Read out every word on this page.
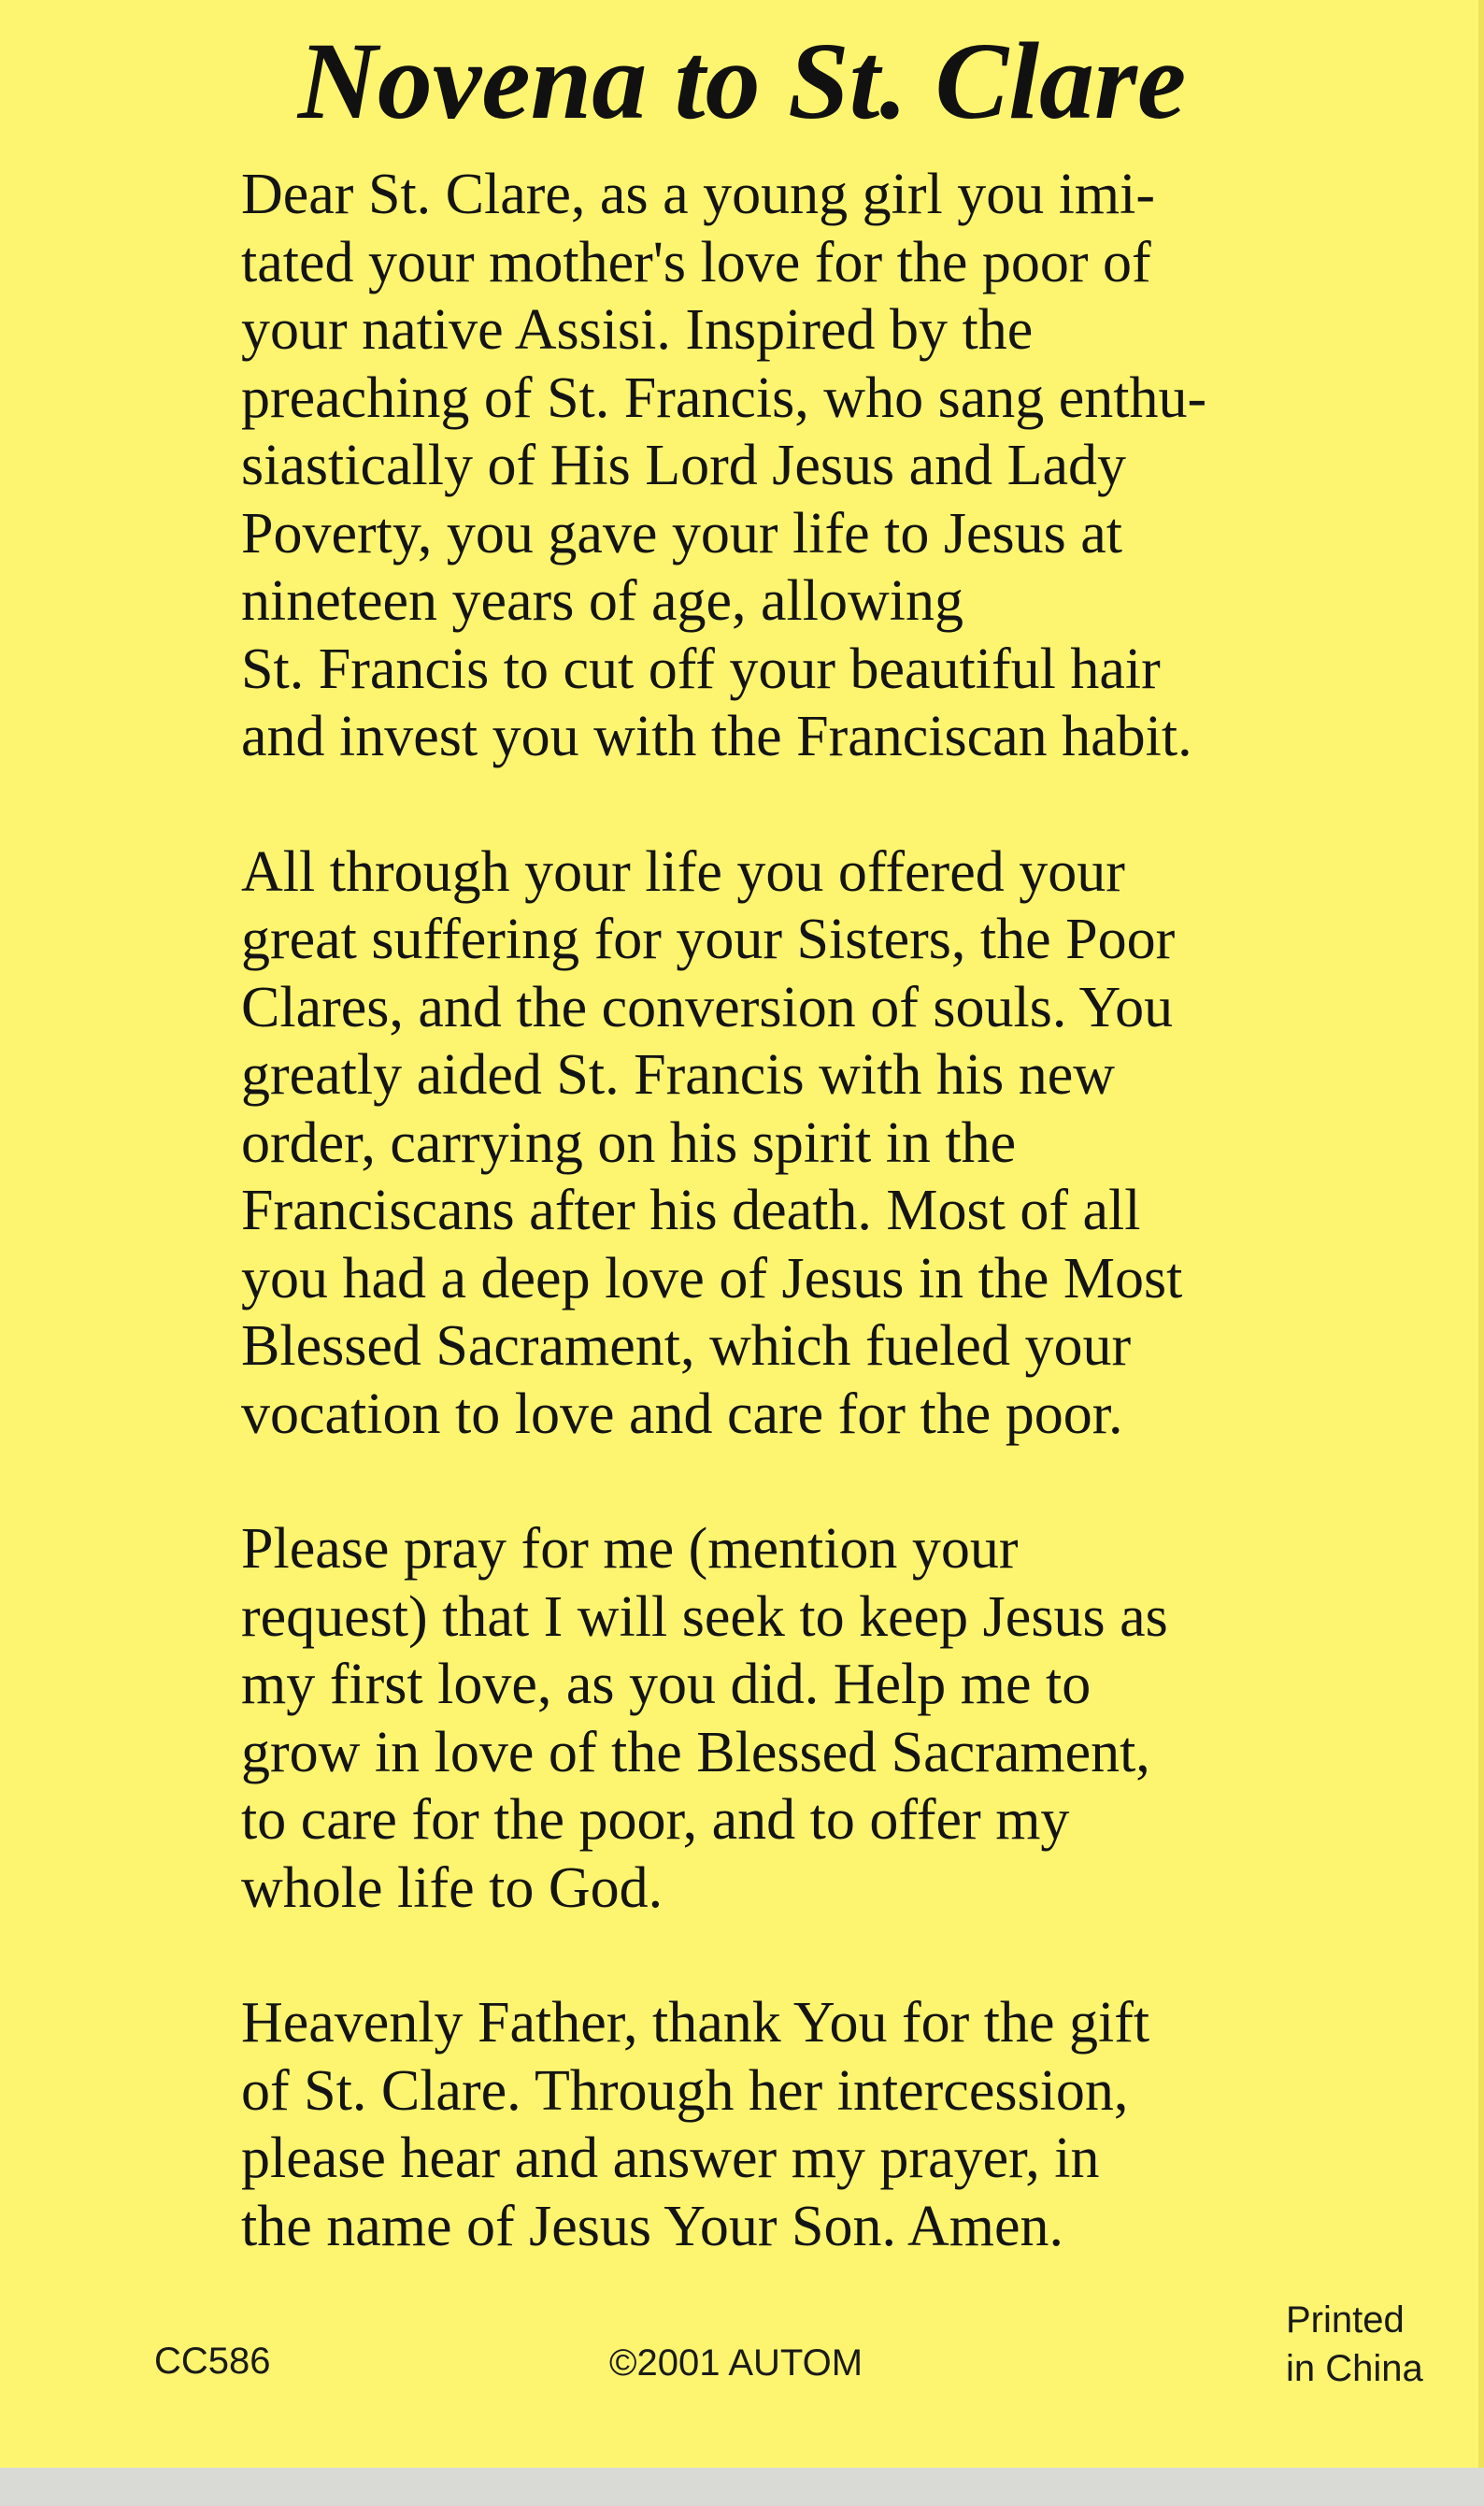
Novena to St. Clare

Dear St. Clare, as a young girl you imi-
tated your mother's love for the poor of
your native Assisi. Inspired by the
preaching of St. Francis, who sang enthu-
siastically of His Lord Jesus and Lady
Poverty, you gave your life to Jesus at
nineteen years of age, allowing
St. Francis to cut off your beautiful hair
and invest you with the Franciscan habit.

All through your life you offered your
great suffering for your Sisters, the Poor
Clares, and the conversion of souls. You
greatly aided St. Francis with his new
order, carrying on his spirit in the
Franciscans after his death. Most of all
you had a deep love of Jesus in the Most
Blessed Sacrament, which fueled your
vocation to love and care for the poor.

Please pray for me (mention your
request) that I will seek to keep Jesus as
my first love, as you did. Help me to
grow in love of the Blessed Sacrament,
to care for the poor, and to offer my
whole life to God.

Heavenly Father, thank You for the gift
of St. Clare. Through her intercession,
please hear and answer my prayer, in
the name of Jesus Your Son. Amen.

CC586	©2001 AUTOM
Printed
in China
